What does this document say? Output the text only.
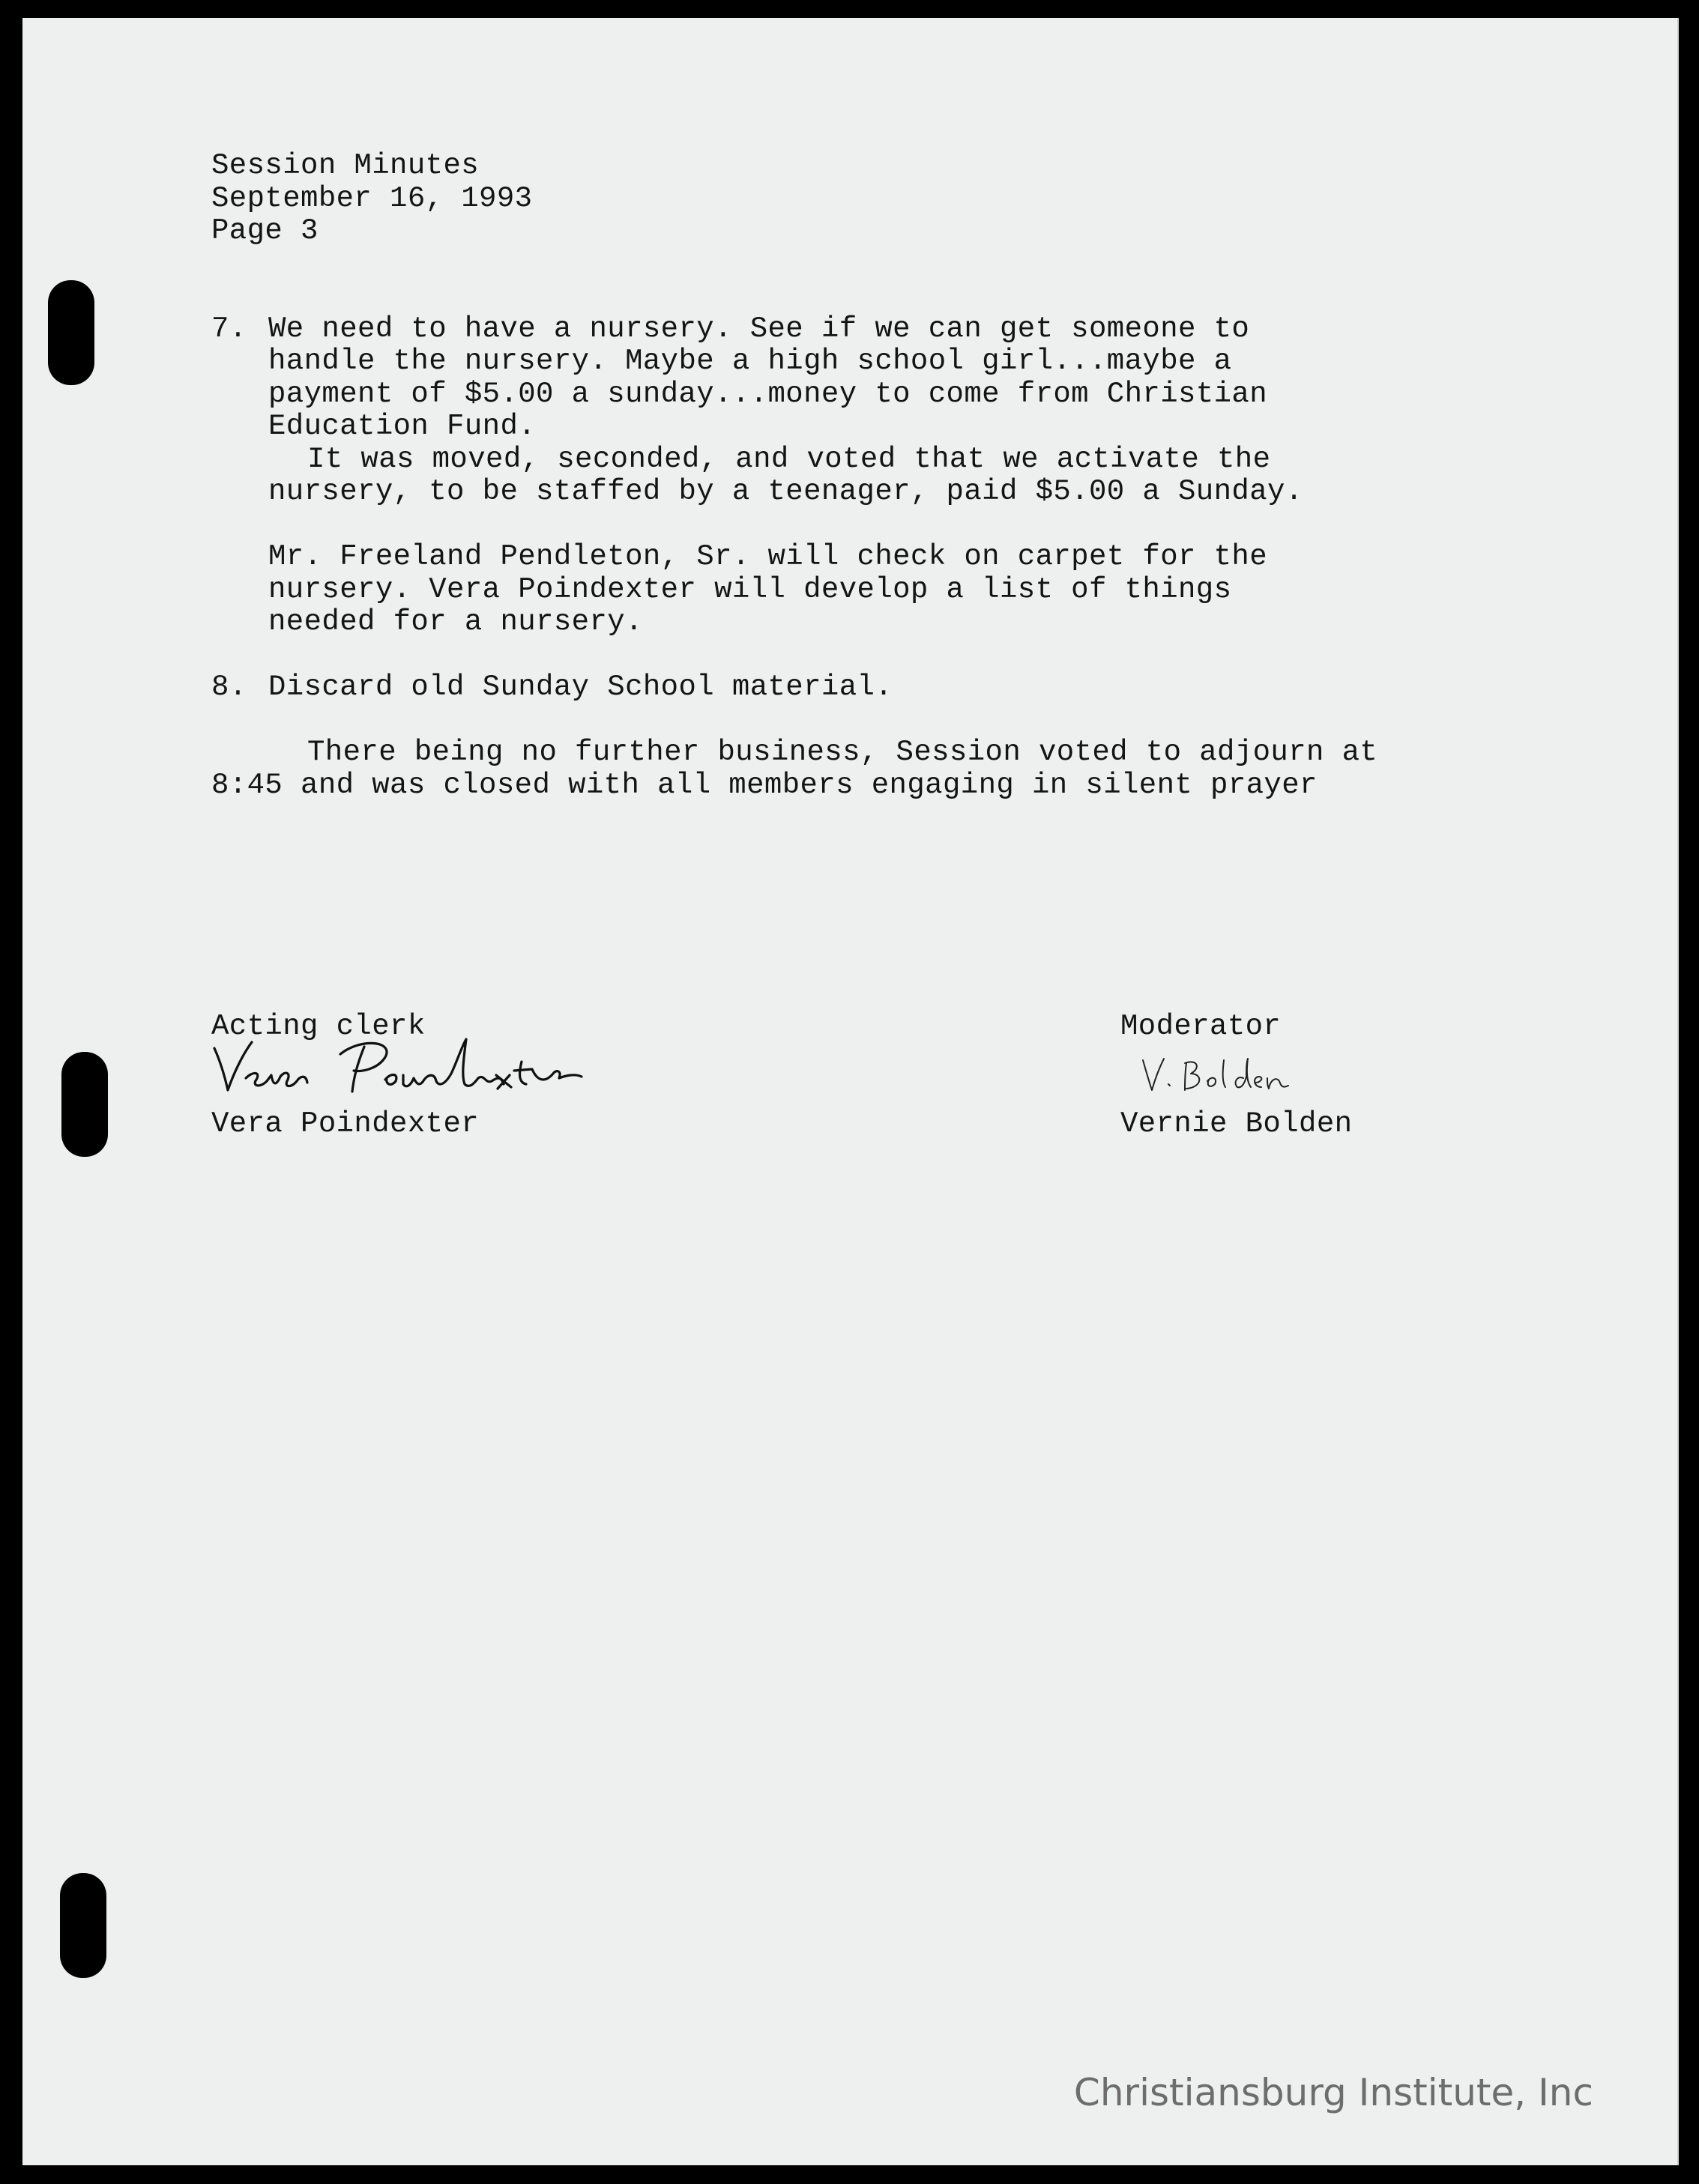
Session Minutes
September 16, 1993
Page 3
7. We need to have a nursery. See if we can get someone to
handle the nursery. Maybe a high school girl...maybe a
payment of $5.00 a sunday...money to come from Christian
Education Fund.
It was moved, seconded, and voted that we activate the
nursery, to be staffed by a teenager, paid $5.00 a Sunday.
Mr. Freeland Pendleton, Sr. will check on carpet for the
nursery. Vera Poindexter will develop a list of things
needed for a nursery.
8. Discard old Sunday School material.
There being no further business, Session voted to adjourn at 8:45 and was closed with all members engaging in silent prayer
Acting clerk
Vera Poindexter
Moderator
Vernie Bolden
Christiansburg Institute, Inc
